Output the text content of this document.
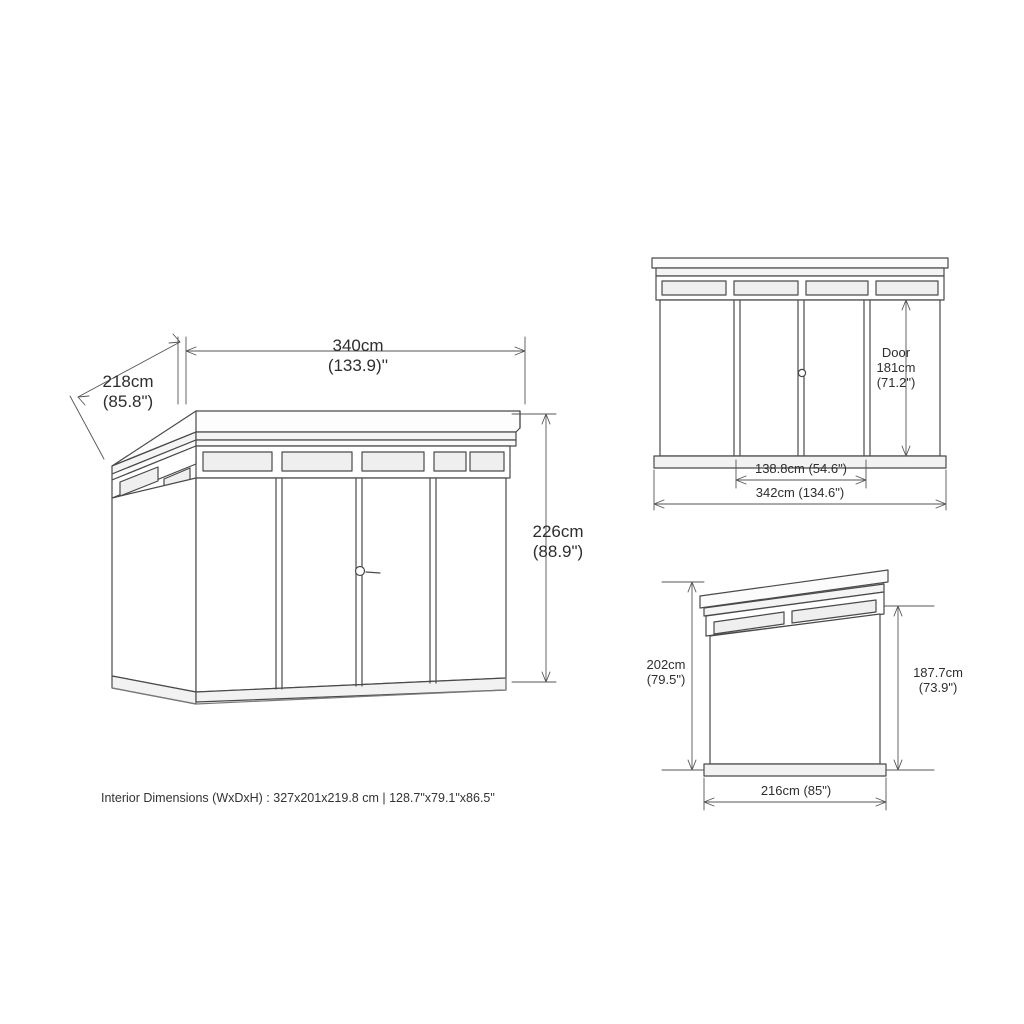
340cm
(133.9)''
218cm
(85.8")
226cm
(88.9")
Door
181cm
(71.2")
138.8cm (54.6")
342cm (134.6")
202cm
(79.5")	187.7cm
(73.9")
216cm (85")
Interior Dimensions (WxDxH) : 327x201x219.8 cm | 128.7"x79.1"x86.5"
